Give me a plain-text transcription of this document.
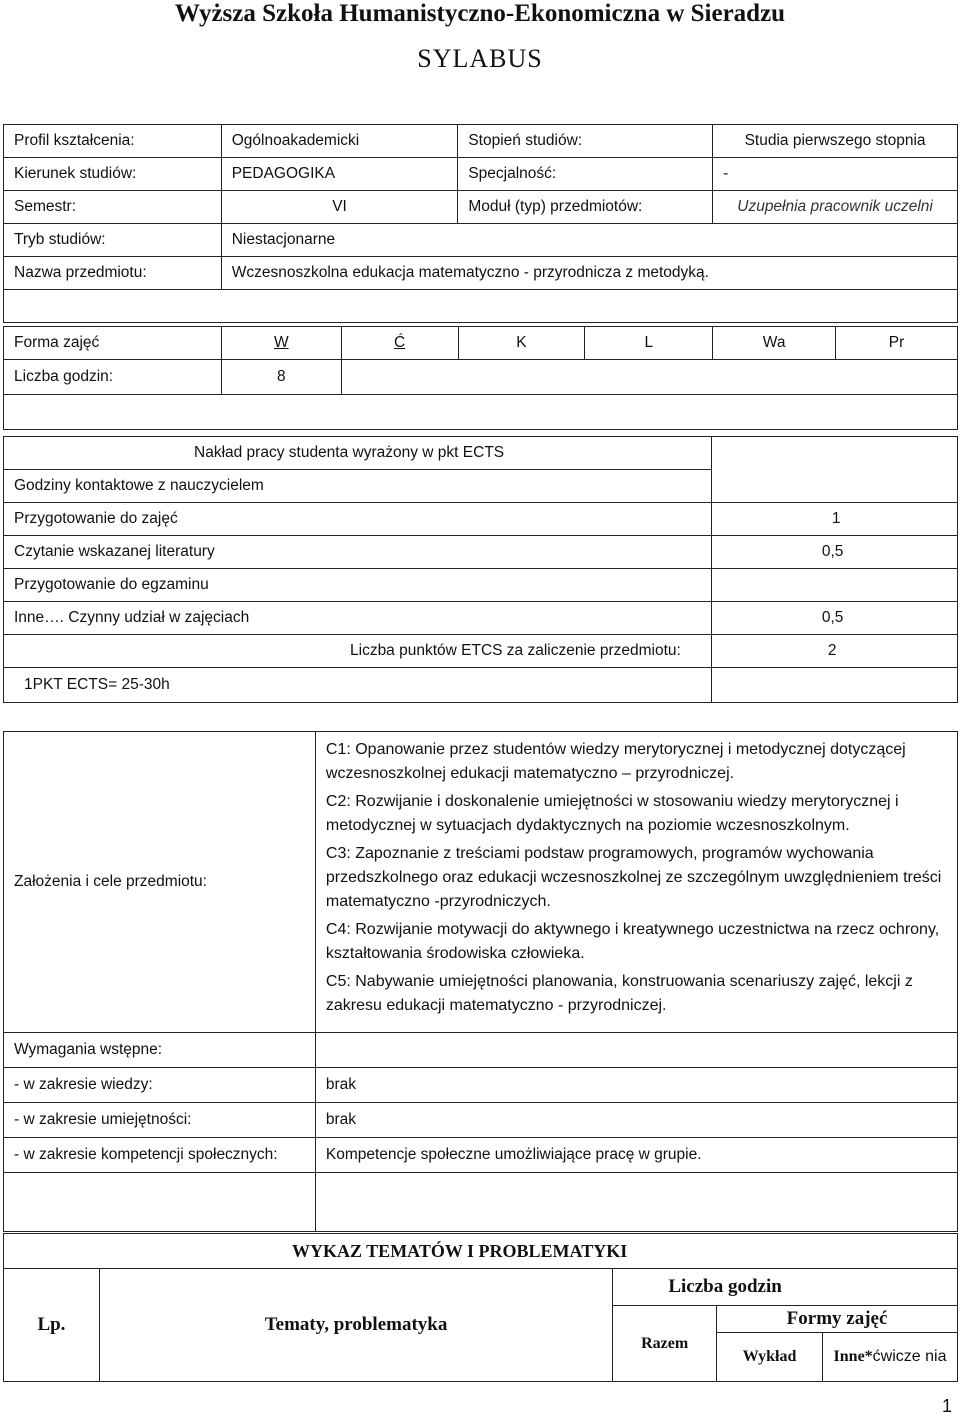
Wyższa Szkoła Humanistyczno-Ekonomiczna w Sieradzu
SYLABUS
Profil kształcenia:	Ogólnoakademicki	Stopień studiów:	Studia pierwszego stopnia
Kierunek studiów:	PEDAGOGIKA	Specjalność:	-
Semestr:	VI	Moduł (typ) przedmiotów:	Uzupełnia pracownik uczelni
Tryb studiów:	Niestacjonarne		
Nazwa przedmiotu:	Wczesnoszkolna edukacja matematyczno - przyrodnicza z metodyką.		

Forma zajęć	W	Ć	K	L	Wa	Pr
Liczba godzin:	8					

Nakład pracy studenta wyrażony w pkt ECTS	
Godziny kontaktowe z nauczycielem	
Przygotowanie do zajęć	1
Czytanie wskazanej literatury	0,5
Przygotowanie do egzaminu	
Inne…. Czynny udział w zajęciach	0,5
Liczba punktów ETCS za zaliczenie przedmiotu:	2
1PKT ECTS= 25-30h	
Założenia i cele przedmiotu:	C1: Opanowanie przez studentów wiedzy merytorycznej i metodycznej dotyczącej wczesnoszkolnej edukacji matematyczno – przyrodniczej.

C2: Rozwijanie i doskonalenie umiejętności w stosowaniu wiedzy merytorycznej i metodycznej w sytuacjach dydaktycznych na poziomie wczesnoszkolnym.

C3: Zapoznanie z treściami podstaw programowych, programów wychowania przedszkolnego oraz edukacji wczesnoszkolnej ze szczególnym uwzględnieniem treści matematyczno -przyrodniczych.

C4: Rozwijanie motywacji do aktywnego i kreatywnego uczestnictwa na rzecz ochrony, kształtowania środowiska człowieka.

C5: Nabywanie umiejętności planowania, konstruowania scenariuszy zajęć, lekcji z zakresu edukacji matematyczno - przyrodniczej.

Wymagania wstępne:	
- w zakresie wiedzy:	brak
- w zakresie umiejętności:	brak
- w zakresie kompetencji społecznych:	Kompetencje społeczne umożliwiające pracę w grupie.

WYKAZ TEMATÓW I PROBLEMATYKI				
Lp.	Tematy, problematyka	Liczba godzin		
		Razem	Formy zajęć	
			Wykład	Inne*ćwicze nia
1
